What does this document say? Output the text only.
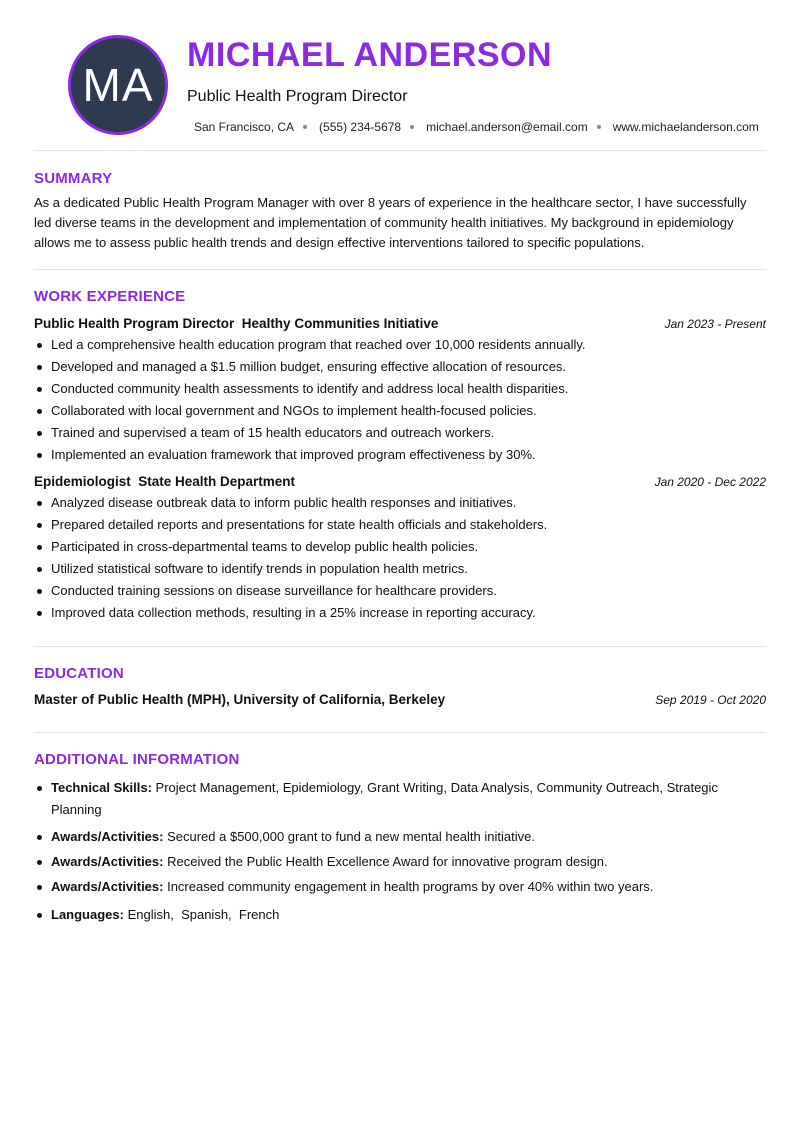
MA
MICHAEL ANDERSON
Public Health Program Director
San Francisco, CA (555) 234-5678 michael.anderson@email.com www.michaelanderson.com
SUMMARY

As a dedicated Public Health Program Manager with over 8 years of experience in the healthcare sector, I have successfully led diverse teams in the development and implementation of community health initiatives. My background in epidemiology allows me to assess public health trends and design effective interventions tailored to specific populations.

WORK EXPERIENCE
Public Health Program Director  Healthy Communities Initiative	Jan 2023 - Present
Led a comprehensive health education program that reached over 10,000 residents annually.
Developed and managed a $1.5 million budget, ensuring effective allocation of resources.
Conducted community health assessments to identify and address local health disparities.
Collaborated with local government and NGOs to implement health-focused policies.
Trained and supervised a team of 15 health educators and outreach workers.
Implemented an evaluation framework that improved program effectiveness by 30%.
Epidemiologist  State Health Department	Jan 2020 - Dec 2022
Analyzed disease outbreak data to inform public health responses and initiatives.
Prepared detailed reports and presentations for state health officials and stakeholders.
Participated in cross-departmental teams to develop public health policies.
Utilized statistical software to identify trends in population health metrics.
Conducted training sessions on disease surveillance for healthcare providers.
Improved data collection methods, resulting in a 25% increase in reporting accuracy.
EDUCATION
Master of Public Health (MPH), University of California, Berkeley	Sep 2019 - Oct 2020
ADDITIONAL INFORMATION
Technical Skills: Project Management, Epidemiology, Grant Writing, Data Analysis, Community Outreach, Strategic Planning
Awards/Activities: Secured a $500,000 grant to fund a new mental health initiative.
Awards/Activities: Received the Public Health Excellence Award for innovative program design.
Awards/Activities: Increased community engagement in health programs by over 40% within two years.
Languages: English,  Spanish,  French
